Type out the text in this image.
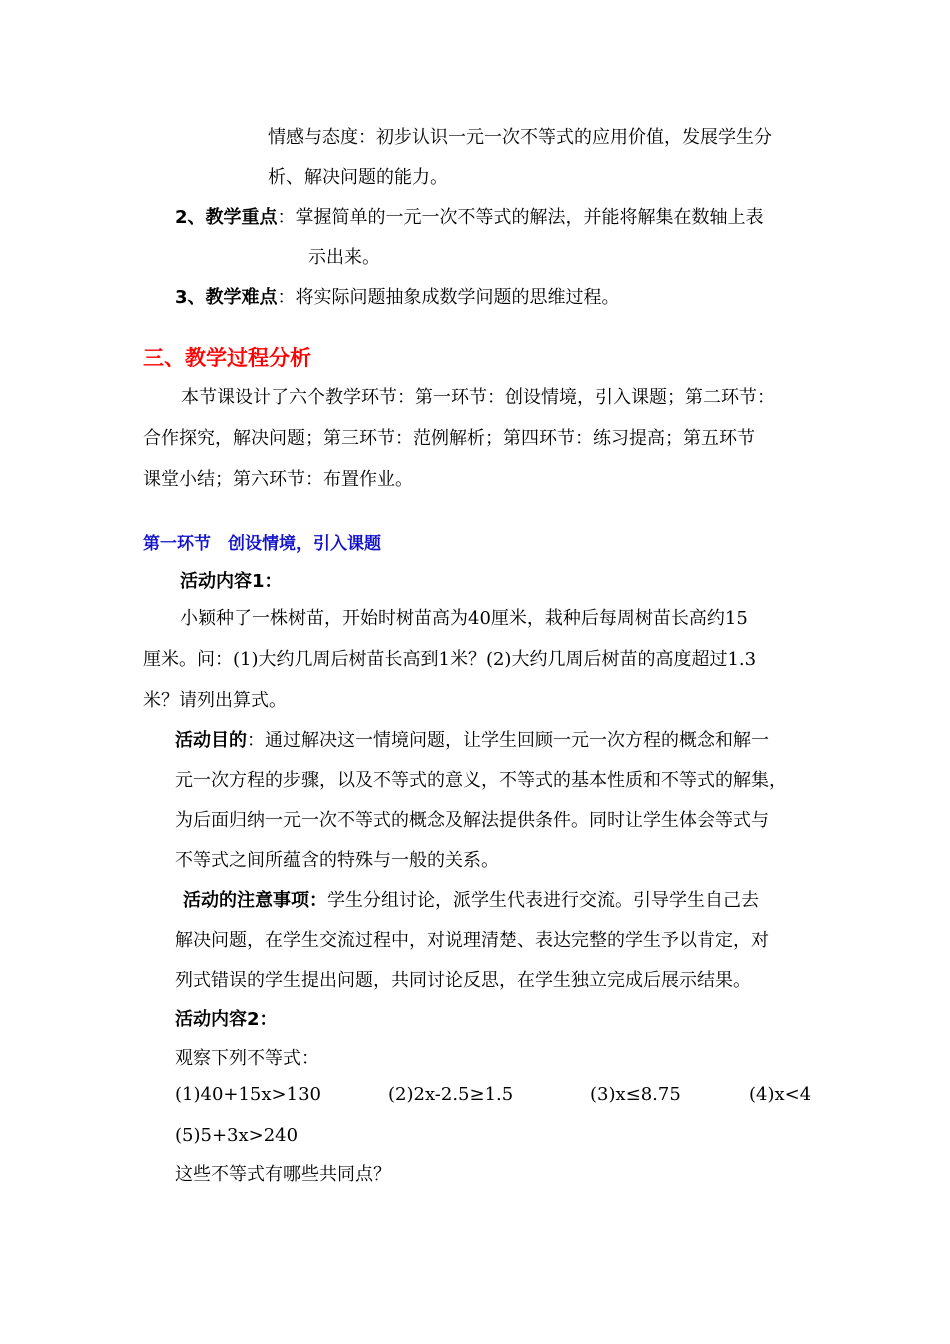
情感与态度：初步认识一元一次不等式的应用价值，发展学生分
析、解决问题的能力。
2、教学重点：掌握简单的一元一次不等式的解法，并能将解集在数轴上表
示出来。
3、教学难点：将实际问题抽象成数学问题的思维过程。
三、教学过程分析
本节课设计了六个教学环节：第一环节：创设情境，引入课题；第二环节：
合作探究，解决问题；第三环节：范例解析；第四环节：练习提高；第五环节
课堂小结；第六环节：布置作业。
第一环节　创设情境，引入课题
活动内容1：
小颖种了一株树苗，开始时树苗高为40厘米，栽种后每周树苗长高约15
厘米。问：(1)大约几周后树苗长高到1米？(2)大约几周后树苗的高度超过1.3
米？请列出算式。
活动目的：通过解决这一情境问题，让学生回顾一元一次方程的概念和解一
元一次方程的步骤，以及不等式的意义，不等式的基本性质和不等式的解集，
为后面归纳一元一次不等式的概念及解法提供条件。同时让学生体会等式与
不等式之间所蕴含的特殊与一般的关系。
活动的注意事项：学生分组讨论，派学生代表进行交流。引导学生自己去
解决问题，在学生交流过程中，对说理清楚、表达完整的学生予以肯定，对
列式错误的学生提出问题，共同讨论反思，在学生独立完成后展示结果。
活动内容2：
观察下列不等式：
(1)40+15x>130	(2)2x-2.5≥1.5	(3)x≤8.75	(4)x<4
(5)5+3x>240
这些不等式有哪些共同点？
